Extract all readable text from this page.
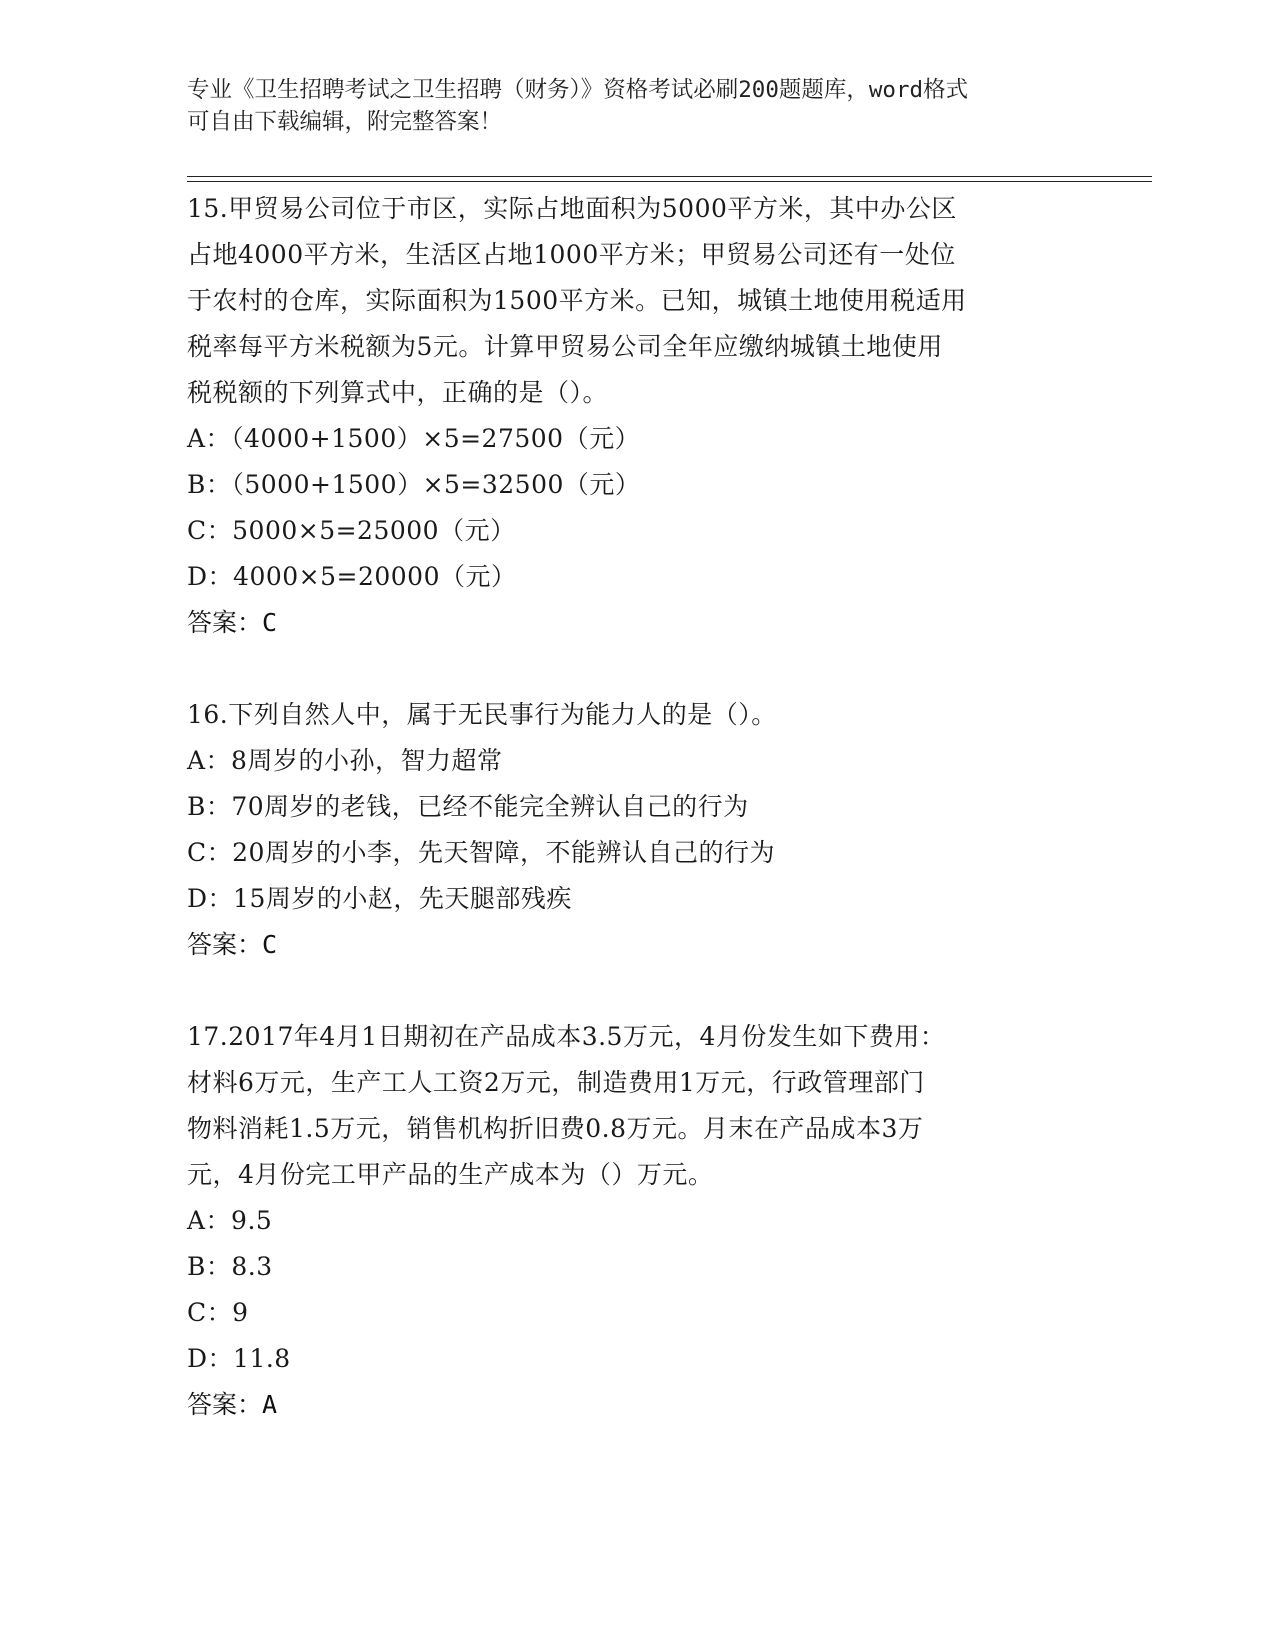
专业《卫生招聘考试之卫生招聘（财务）》资格考试必刷200题题库，word格式
可自由下载编辑，附完整答案！
15.甲贸易公司位于市区，实际占地面积为5000平方米，其中办公区
占地4000平方米，生活区占地1000平方米；甲贸易公司还有一处位
于农村的仓库，实际面积为1500平方米。已知，城镇土地使用税适用
税率每平方米税额为5元。计算甲贸易公司全年应缴纳城镇土地使用
税税额的下列算式中，正确的是（）。
A：（4000+1500）×5=27500（元）
B：（5000+1500）×5=32500（元）
C：5000×5=25000（元）
D：4000×5=20000（元）
答案：C
16.下列自然人中，属于无民事行为能力人的是（）。
A：8周岁的小孙，智力超常
B：70周岁的老钱，已经不能完全辨认自己的行为
C：20周岁的小李，先天智障，不能辨认自己的行为
D：15周岁的小赵，先天腿部残疾
答案：C
17.2017年4月1日期初在产品成本3.5万元，4月份发生如下费用：
材料6万元，生产工人工资2万元，制造费用1万元，行政管理部门
物料消耗1.5万元，销售机构折旧费0.8万元。月末在产品成本3万
元，4月份完工甲产品的生产成本为（）万元。
A：9.5
B：8.3
C：9
D：11.8
答案：A
